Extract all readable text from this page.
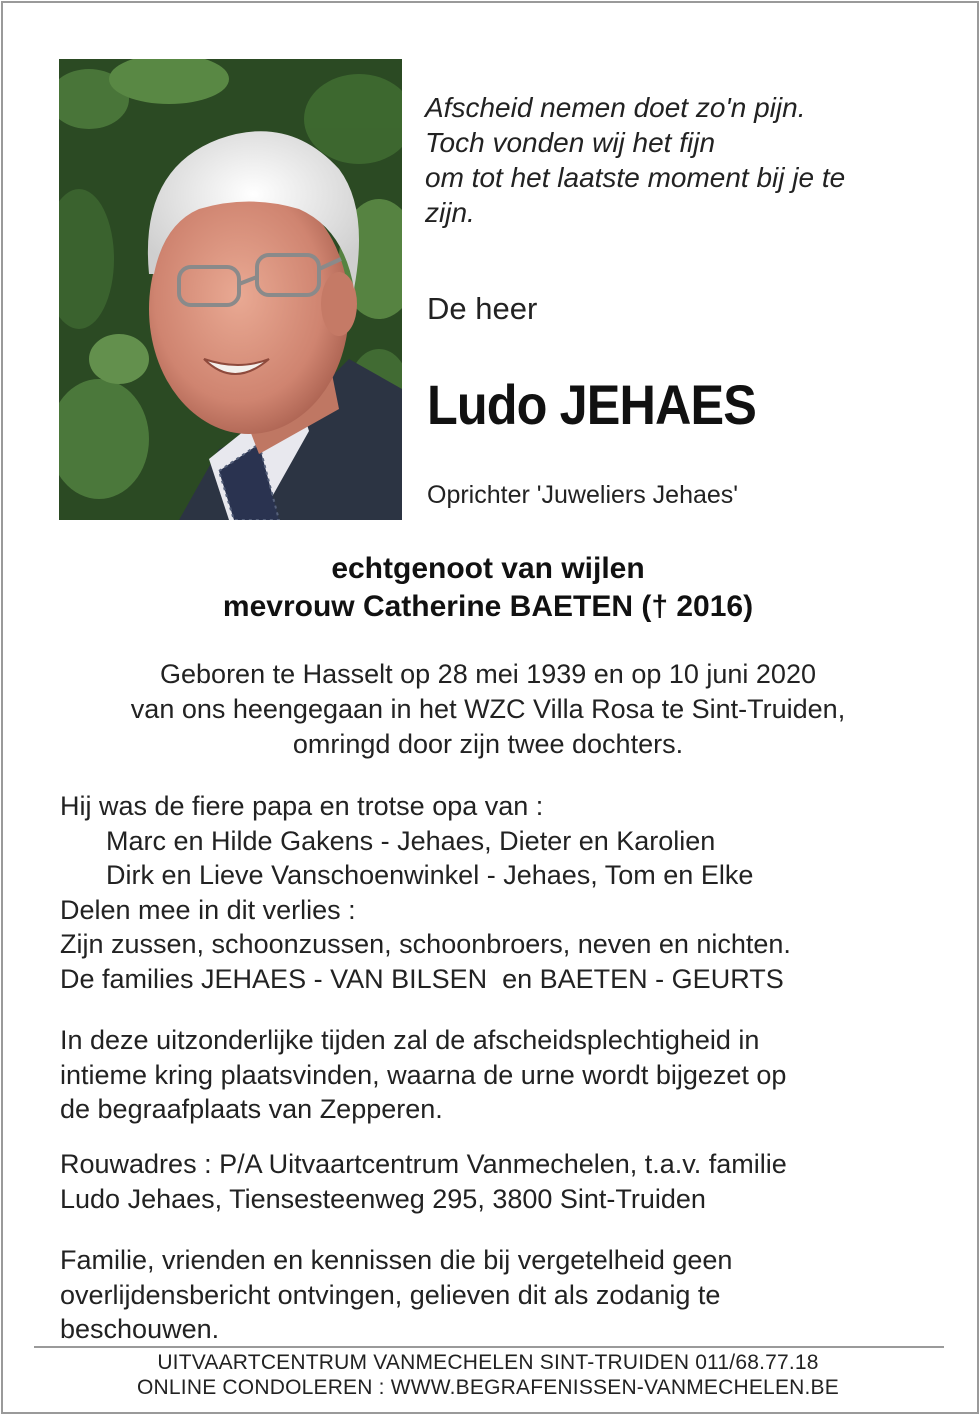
Afscheid nemen doet zo'n pijn.
Toch vonden wij het fijn
om tot het laatste moment bij je te
zijn.
De heer
Ludo JEHAES
Oprichter 'Juweliers Jehaes'
echtgenoot van wijlen
mevrouw Catherine BAETEN († 2016)
Geboren te Hasselt op 28 mei 1939 en op 10 juni 2020
van ons heengegaan in het WZC Villa Rosa te Sint-Truiden,
omringd door zijn twee dochters.
Hij was de fiere papa en trotse opa van :
Marc en Hilde Gakens - Jehaes, Dieter en Karolien
Dirk en Lieve Vanschoenwinkel - Jehaes, Tom en Elke
Delen mee in dit verlies :
Zijn zussen, schoonzussen, schoonbroers, neven en nichten.
De families JEHAES - VAN BILSEN  en BAETEN - GEURTS
In deze uitzonderlijke tijden zal de afscheidsplechtigheid in
intieme kring plaatsvinden, waarna de urne wordt bijgezet op
de begraafplaats van Zepperen.
Rouwadres : P/A Uitvaartcentrum Vanmechelen, t.a.v. familie
Ludo Jehaes, Tiensesteenweg 295, 3800 Sint-Truiden
Familie, vrienden en kennissen die bij vergetelheid geen
overlijdensbericht ontvingen, gelieven dit als zodanig te
beschouwen.
UITVAARTCENTRUM VANMECHELEN SINT-TRUIDEN 011/68.77.18
ONLINE CONDOLEREN : WWW.BEGRAFENISSEN-VANMECHELEN.BE
